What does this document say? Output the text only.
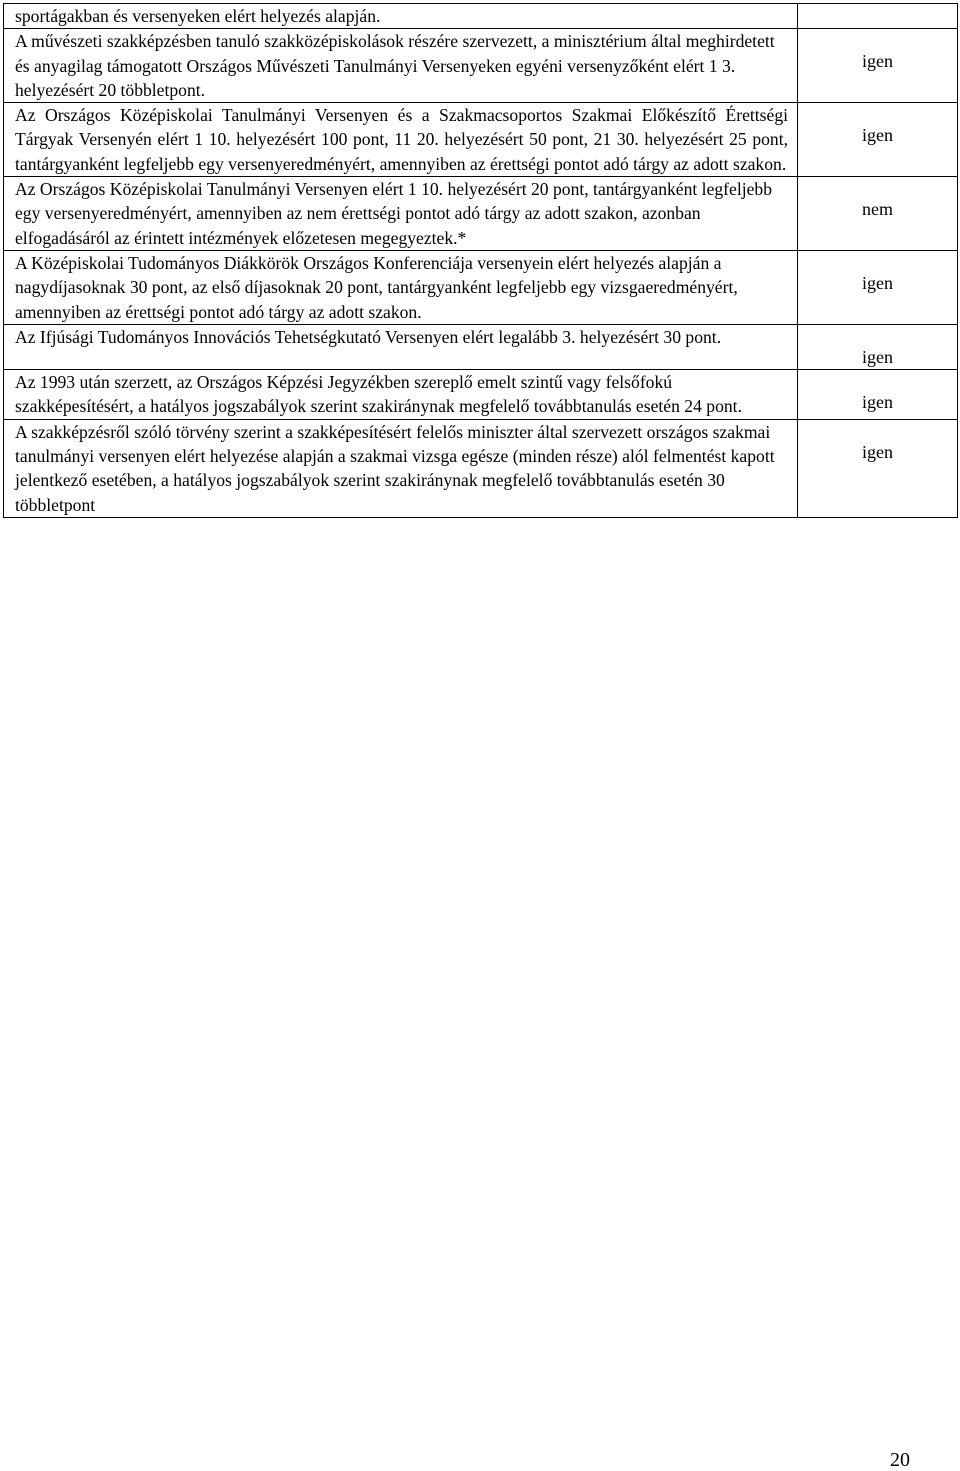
sportágakban és versenyeken elért helyezés alapján.	
A művészeti szakképzésben tanuló szakközépiskolások részére szervezett, a minisztérium által meghirdetett és anyagilag támogatott Országos Művészeti Tanulmányi Versenyeken egyéni versenyzőként elért 1 3. helyezésért 20 többletpont.	igen

Az Országos Középiskolai Tanulmányi Versenyen és a Szakmacsoportos Szakmai Előkészítő Érettségi Tárgyak Versenyén elért 1 10. helyezésért 100 pont, 11 20. helyezésért 50 pont, 21 30. helyezésért 25 pont, tantárgyanként legfeljebb egy versenyeredményért, amennyiben az érettségi pontot adó tárgy az adott szakon.	igen

Az Országos Középiskolai Tanulmányi Versenyen elért 1 10. helyezésért 20 pont, tantárgyanként legfeljebb egy versenyeredményért, amennyiben az nem érettségi pontot adó tárgy az adott szakon, azonban elfogadásáról az érintett intézmények előzetesen megegyeztek.*	nem

A Középiskolai Tudományos Diákkörök Országos Konferenciája versenyein elért helyezés alapján a nagydíjasoknak 30 pont, az első díjasoknak 20 pont, tantárgyanként legfeljebb egy vizsgaeredményért, amennyiben az érettségi pontot adó tárgy az adott szakon.	igen

Az Ifjúsági Tudományos Innovációs Tehetségkutató Versenyen elért legalább 3. helyezésért 30 pont.	igen

Az 1993 után szerzett, az Országos Képzési Jegyzékben szereplő emelt szintű vagy felsőfokú szakképesítésért, a hatályos jogszabályok szerint szakiránynak megfelelő továbbtanulás esetén 24 pont.	igen

A szakképzésről szóló törvény szerint a szakképesítésért felelős miniszter által szervezett országos szakmai tanulmányi versenyen elért helyezése alapján a szakmai vizsga egésze (minden része) alól felmentést kapott jelentkező esetében, a hatályos jogszabályok szerint szakiránynak megfelelő továbbtanulás esetén 30 többletpont	igen
20
